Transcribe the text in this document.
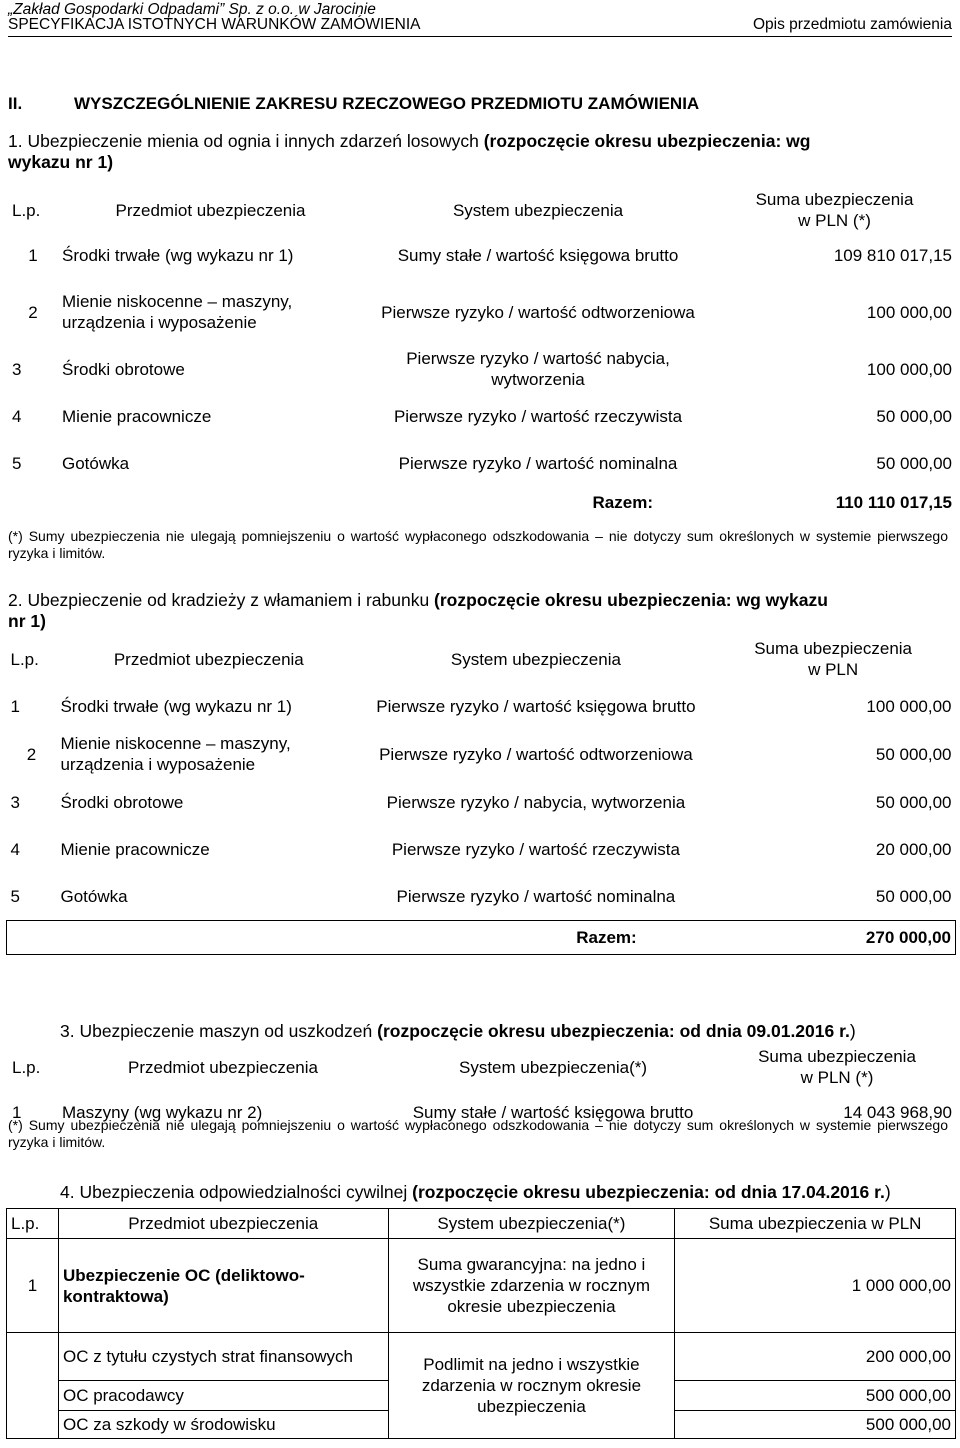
„Zakład Gospodarki Odpadami” Sp. z o.o. w Jarocinie
SPECYFIKACJA ISTOTNYCH WARUNKÓW ZAMÓWIENIA	Opis przedmiotu zamówienia
II.	WYSZCZEGÓLNIENIE ZAKRESU RZECZOWEGO PRZEDMIOTU ZAMÓWIENIA
1. Ubezpieczenie mienia od ognia i innych zdarzeń losowych (rozpoczęcie okresu ubezpieczenia: wg
wykazu nr 1)
L.p.	Przedmiot ubezpieczenia	System ubezpieczenia	Suma ubezpieczenia
w PLN (*)
1	Środki trwałe (wg wykazu nr 1)	Sumy stałe / wartość księgowa brutto	109 810 017,15
2	Mienie niskocenne – maszyny, urządzenia i wyposażenie	Pierwsze ryzyko / wartość odtworzeniowa	100 000,00
3	Środki obrotowe	Pierwsze ryzyko / wartość nabycia, wytworzenia	100 000,00
4	Mienie pracownicze	Pierwsze ryzyko / wartość rzeczywista	50 000,00
5	Gotówka	Pierwsze ryzyko / wartość nominalna	50 000,00
Razem:			110 110 017,15
(*) Sumy ubezpieczenia nie ulegają pomniejszeniu o wartość wypłaconego odszkodowania – nie dotyczy sum określonych w systemie pierwszego ryzyka i limitów.
2. Ubezpieczenie od kradzieży z włamaniem i rabunku (rozpoczęcie okresu ubezpieczenia: wg wykazu
nr 1)
L.p.	Przedmiot ubezpieczenia	System ubezpieczenia	Suma ubezpieczenia
w PLN
1	Środki trwałe (wg wykazu nr 1)	Pierwsze ryzyko / wartość księgowa brutto	100 000,00
2	Mienie niskocenne – maszyny, urządzenia i wyposażenie	Pierwsze ryzyko / wartość odtworzeniowa	50 000,00
3	Środki obrotowe	Pierwsze ryzyko / nabycia, wytworzenia	50 000,00
4	Mienie pracownicze	Pierwsze ryzyko / wartość rzeczywista	20 000,00
5	Gotówka	Pierwsze ryzyko / wartość nominalna	50 000,00
	Razem:		270 000,00
3. Ubezpieczenie maszyn od uszkodzeń (rozpoczęcie okresu ubezpieczenia: od dnia 09.01.2016 r.)

L.p.	Przedmiot ubezpieczenia	System ubezpieczenia(*)	Suma ubezpieczenia
w PLN (*)
1	Maszyny (wg wykazu nr 2)	Sumy stałe / wartość księgowa brutto	14 043 968,90
(*) Sumy ubezpieczenia nie ulegają pomniejszeniu o wartość wypłaconego odszkodowania – nie dotyczy sum określonych w systemie pierwszego ryzyka i limitów.
4. Ubezpieczenia odpowiedzialności cywilnej (rozpoczęcie okresu ubezpieczenia: od dnia 17.04.2016 r.)
L.p.	Przedmiot ubezpieczenia	System ubezpieczenia(*)	Suma ubezpieczenia w PLN
1	Ubezpieczenie OC (deliktowo-kontraktowa)	Suma gwarancyjna: na jedno i wszystkie zdarzenia w rocznym okresie ubezpieczenia	1 000 000,00
	OC z tytułu czystych strat finansowych	Podlimit na jedno i wszystkie zdarzenia w rocznym okresie ubezpieczenia	200 000,00
	OC pracodawcy		500 000,00
	OC za szkody w środowisku		500 000,00
